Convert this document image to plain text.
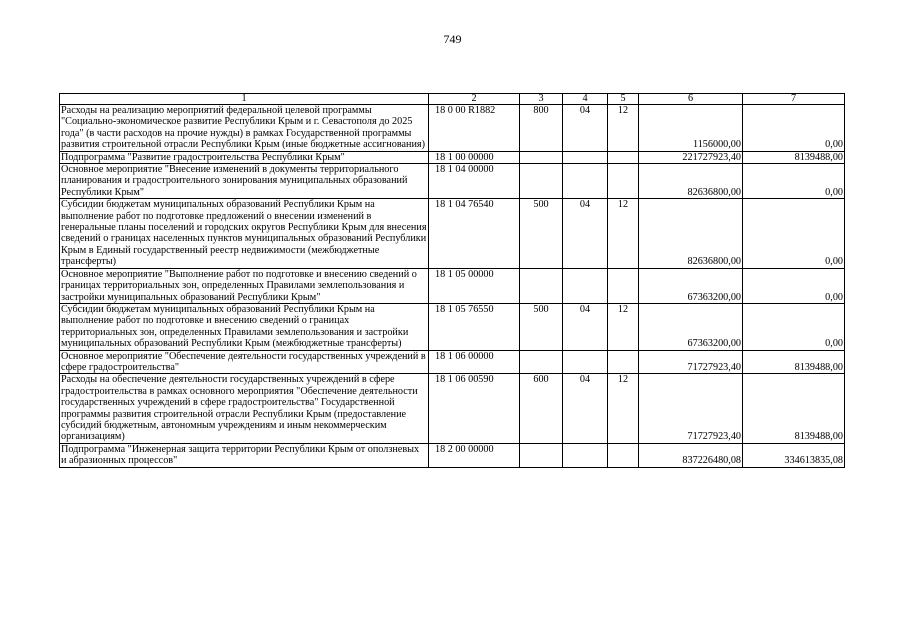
749
1	2	3	4	5	6	7
Расходы на реализацию мероприятий федеральной целевой программы "Социально-экономическое развитие Республики Крым и г. Севастополя до 2025 года" (в части расходов на прочие нужды) в рамках Государственной программы развития строительной отрасли Республики Крым (иные бюджетные ассигнования)	18 0 00 R1882	800	04	12	1156000,00	0,00
Подпрограмма "Развитие градостроительства Республики Крым"	18 1 00 00000				221727923,40	8139488,00
Основное мероприятие "Внесение изменений в документы территориального планирования и градостроительного зонирования муниципальных образований Республики Крым"	18 1 04 00000				82636800,00	0,00
Субсидии бюджетам муниципальных образований Республики Крым на выполнение работ по подготовке предложений о внесении изменений в генеральные планы поселений и городских округов Республики Крым для внесения сведений о границах населенных пунктов муниципальных образований Республики Крым в Единый государственный реестр недвижимости (межбюджетные трансферты)	18 1 04 76540	500	04	12	82636800,00	0,00
Основное мероприятие "Выполнение работ по подготовке и внесению сведений о границах территориальных зон, определенных Правилами землепользования и застройки муниципальных образований Республики Крым"	18 1 05 00000				67363200,00	0,00
Субсидии бюджетам муниципальных образований Республики Крым на выполнение работ по подготовке и внесению сведений о границах территориальных зон, определенных Правилами землепользования и застройки муниципальных образований Республики Крым (межбюджетные трансферты)	18 1 05 76550	500	04	12	67363200,00	0,00
Основное мероприятие "Обеспечение деятельности государственных учреждений в сфере градостроительства"	18 1 06 00000				71727923,40	8139488,00
Расходы на обеспечение деятельности государственных учреждений в сфере градостроительства в рамках основного мероприятия "Обеспечение деятельности государственных учреждений в сфере градостроительства" Государственной программы развития строительной отрасли Республики Крым (предоставление субсидий бюджетным, автономным учреждениям и иным некоммерческим организациям)	18 1 06 00590	600	04	12	71727923,40	8139488,00
Подпрограмма "Инженерная защита территории Республики Крым от оползневых и абразионных процессов"	18 2 00 00000				837226480,08	334613835,08
